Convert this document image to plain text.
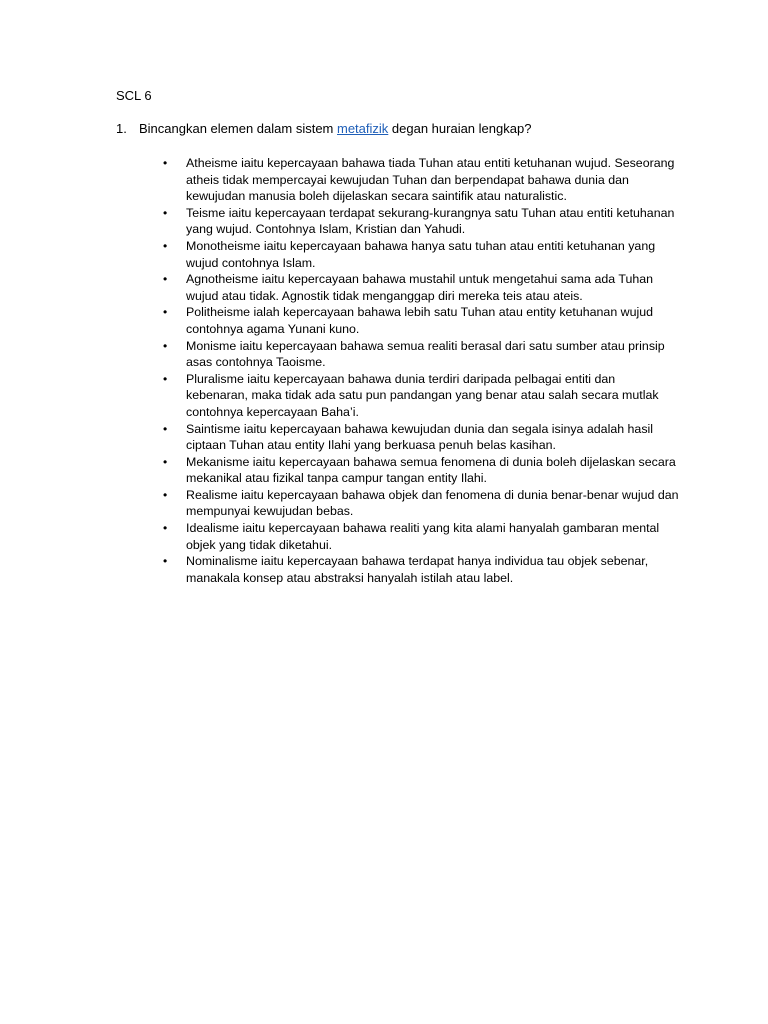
SCL 6
1. Bincangkan elemen dalam sistem metafizik degan huraian lengkap?
• Atheisme iaitu kepercayaan bahawa tiada Tuhan atau entiti ketuhanan wujud. Seseorang atheis tidak mempercayai kewujudan Tuhan dan berpendapat bahawa dunia dan kewujudan manusia boleh dijelaskan secara saintifik atau naturalistic.
• Teisme iaitu kepercayaan terdapat sekurang-kurangnya satu Tuhan atau entiti ketuhanan yang wujud. Contohnya Islam, Kristian dan Yahudi.
• Monotheisme iaitu kepercayaan bahawa hanya satu tuhan atau entiti ketuhanan yang wujud contohnya Islam.
• Agnotheisme iaitu kepercayaan bahawa mustahil untuk mengetahui sama ada Tuhan wujud atau tidak. Agnostik tidak menganggap diri mereka teis atau ateis.
• Politheisme ialah kepercayaan bahawa lebih satu Tuhan atau entity ketuhanan wujud contohnya agama Yunani kuno.
• Monisme iaitu kepercayaan bahawa semua realiti berasal dari satu sumber atau prinsip asas contohnya Taoisme.
• Pluralisme iaitu kepercayaan bahawa dunia terdiri daripada pelbagai entiti dan kebenaran, maka tidak ada satu pun pandangan yang benar atau salah secara mutlak contohnya kepercayaan Baha’i.
• Saintisme iaitu kepercayaan bahawa kewujudan dunia dan segala isinya adalah hasil ciptaan Tuhan atau entity Ilahi yang berkuasa penuh belas kasihan.
• Mekanisme iaitu kepercayaan bahawa semua fenomena di dunia boleh dijelaskan secara mekanikal atau fizikal tanpa campur tangan entity Ilahi.
• Realisme iaitu kepercayaan bahawa objek dan fenomena di dunia benar-benar wujud dan mempunyai kewujudan bebas.
• Idealisme iaitu kepercayaan bahawa realiti yang kita alami hanyalah gambaran mental objek yang tidak diketahui.
• Nominalisme iaitu kepercayaan bahawa terdapat hanya individua tau objek sebenar, manakala konsep atau abstraksi hanyalah istilah atau label.
